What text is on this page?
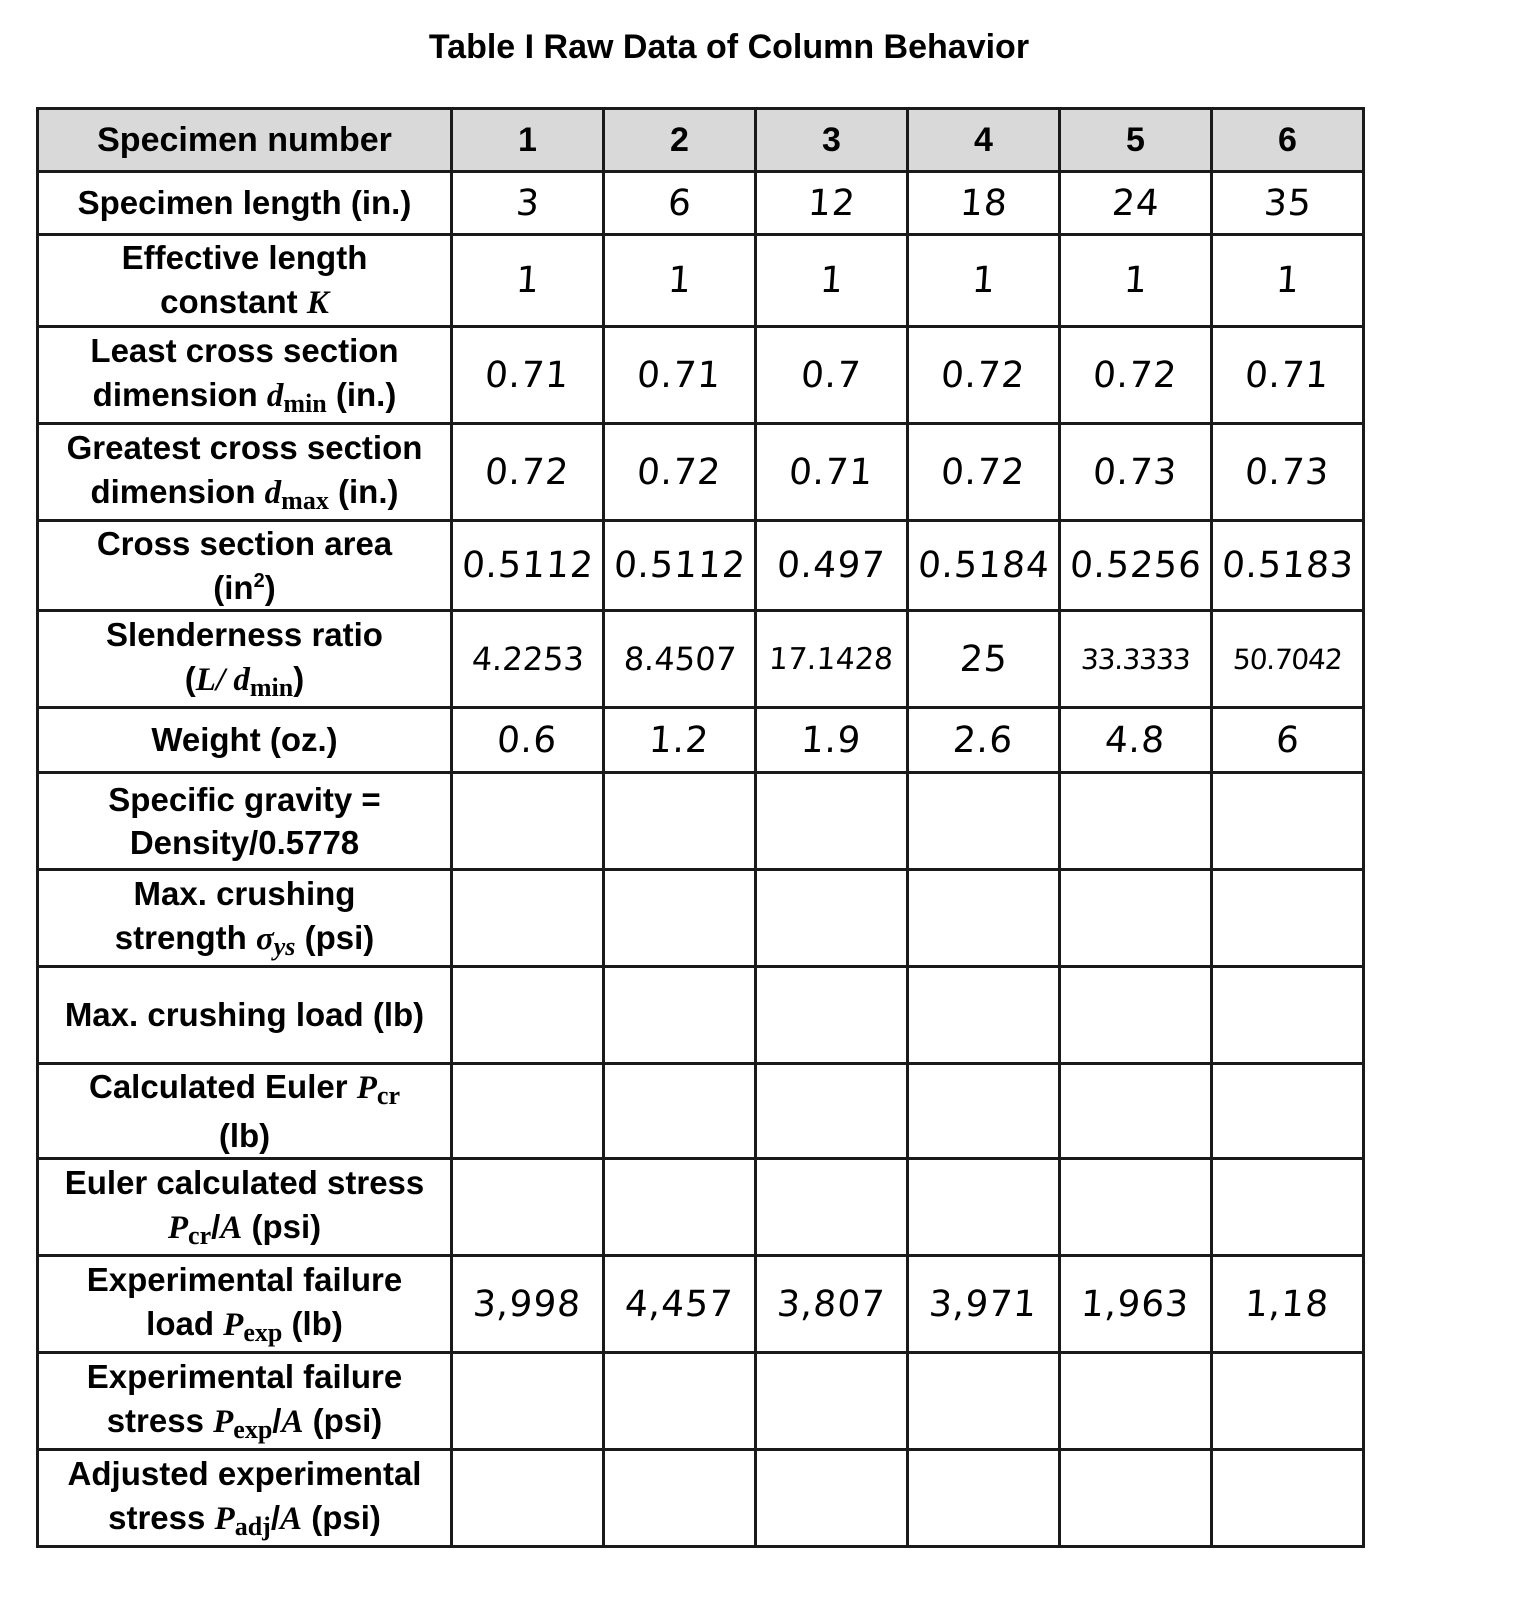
Table I Raw Data of Column Behavior
Specimen number	1	2	3	4	5	6
Specimen length (in.)	3	6	12	18	24	35
Effective length
constant K	1	1	1	1	1	1
Least cross section
dimension $d_{min}$ (in.)	0.71	0.71	0.7	0.72	0.72	0.71
Greatest cross section
dimension $d_{max}$ (in.)	0.72	0.72	0.71	0.72	0.73	0.73
Cross section area
$(in^2)$	0.5112	0.5112	0.497	0.5184	0.5256	0.5183
Slenderness ratio
(L/ $d_{min}$)	4.2253	8.4507	17.1428	25	33.3333	50.7042
Weight (oz.)	0.6	1.2	1.9	2.6	4.8	6
Specific gravity =
Density/0.5778						
Max. crushing
strength $\sigma_{ys}$ (psi)						
Max. crushing load (lb)						
Calculated Euler $P_{cr}$
(lb)						
Euler calculated stress
$P_{cr}/A$ (psi)						
Experimental failure
load $P_{exp}$ (lb)	3,998	4,457	3,807	3,971	1,963	1,18
Experimental failure
stress $P_{exp}/A$ (psi)						
Adjusted experimental
stress $P_{adj}/A$ (psi)						
